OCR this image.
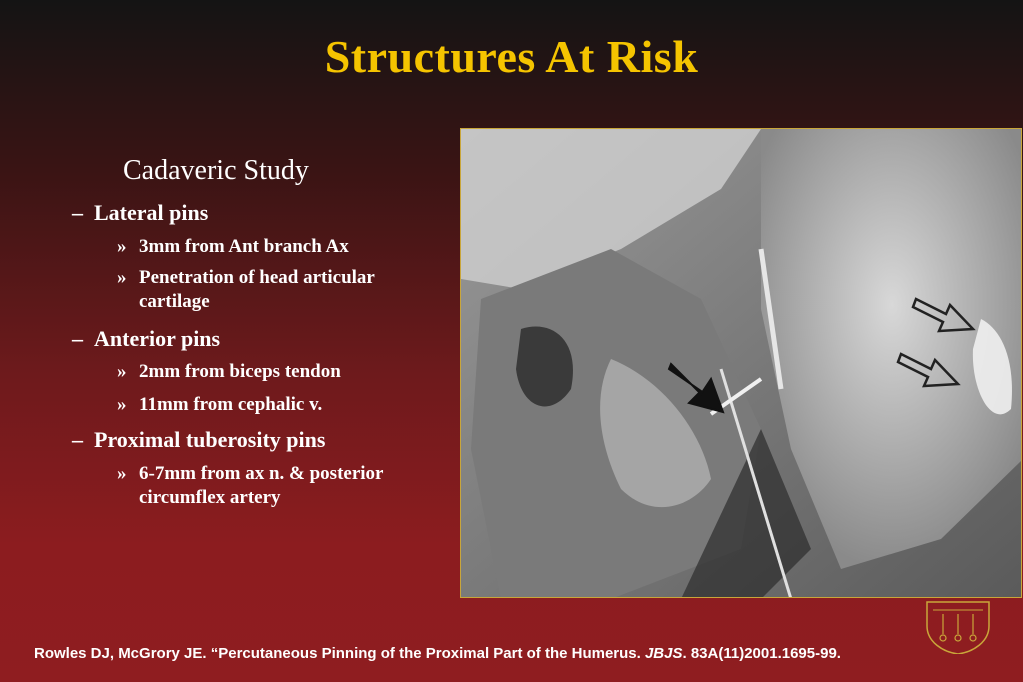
Structures At Risk
Cadaveric Study
– Lateral pins
» 3mm from Ant branch Ax
» Penetration of head articular cartilage
– Anterior pins
» 2mm from biceps tendon
» 11mm from cephalic v.
– Proximal tuberosity pins
» 6-7mm from ax n. & posterior circumflex artery
Rowles DJ, McGrory JE. “Percutaneous Pinning of the Proximal Part of the Humerus. JBJS. 83A(11)2001.1695-99.
